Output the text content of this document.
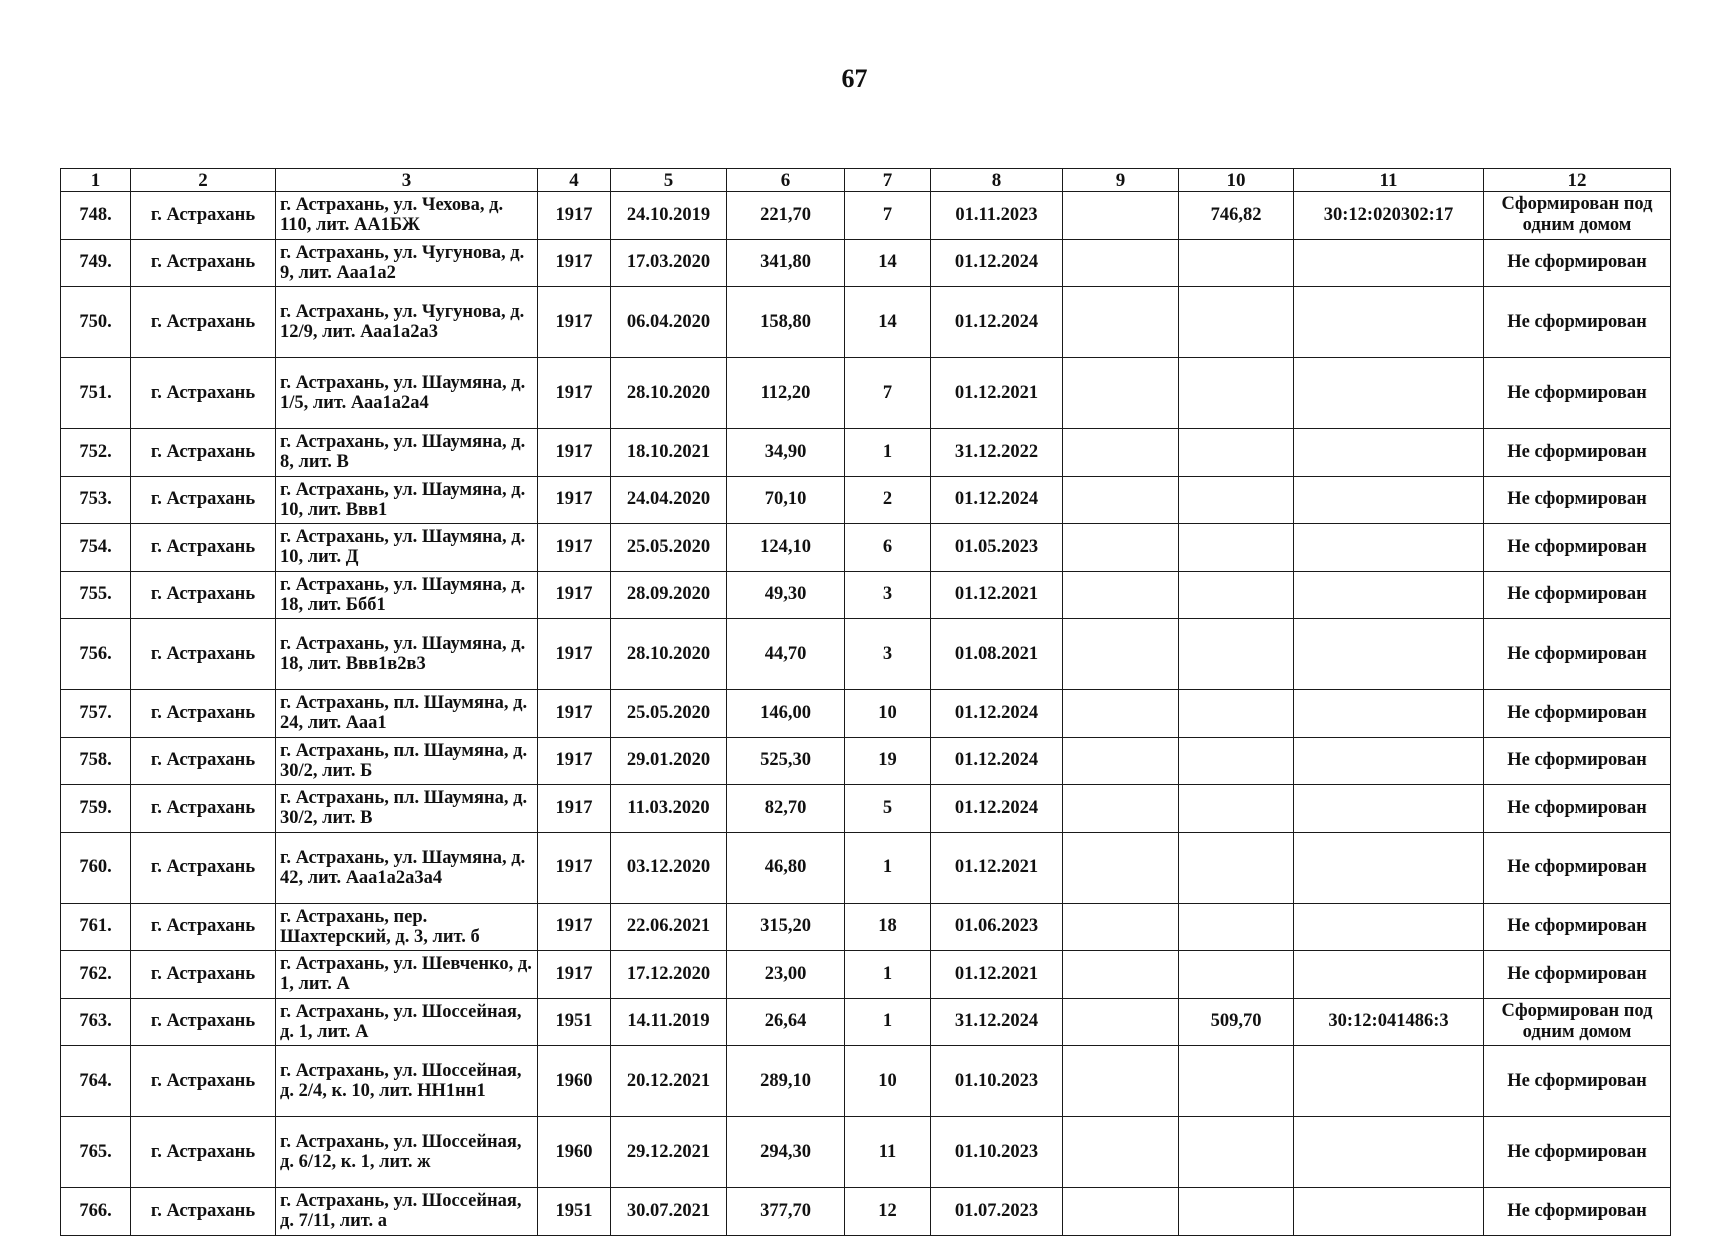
67
1	2	3	4	5	6	7	8	9	10	11	12
748.	г. Астрахань	г. Астрахань, ул. Чехова, д. 110, лит. АА1БЖ	1917	24.10.2019	221,70	7	01.11.2023		746,82	30:12:020302:17	Сформирован под одним домом
749.	г. Астрахань	г. Астрахань, ул. Чугунова, д. 9, лит. Ааа1а2	1917	17.03.2020	341,80	14	01.12.2024				Не сформирован
750.	г. Астрахань	г. Астрахань, ул. Чугунова, д. 12/9, лит. Ааа1а2а3	1917	06.04.2020	158,80	14	01.12.2024				Не сформирован
751.	г. Астрахань	г. Астрахань, ул. Шаумяна, д. 1/5, лит. Ааа1а2а4	1917	28.10.2020	112,20	7	01.12.2021				Не сформирован
752.	г. Астрахань	г. Астрахань, ул. Шаумяна, д. 8, лит. В	1917	18.10.2021	34,90	1	31.12.2022				Не сформирован
753.	г. Астрахань	г. Астрахань, ул. Шаумяна, д. 10, лит. Ввв1	1917	24.04.2020	70,10	2	01.12.2024				Не сформирован
754.	г. Астрахань	г. Астрахань, ул. Шаумяна, д. 10, лит. Д	1917	25.05.2020	124,10	6	01.05.2023				Не сформирован
755.	г. Астрахань	г. Астрахань, ул. Шаумяна, д. 18, лит. Ббб1	1917	28.09.2020	49,30	3	01.12.2021				Не сформирован
756.	г. Астрахань	г. Астрахань, ул. Шаумяна, д. 18, лит. Ввв1в2в3	1917	28.10.2020	44,70	3	01.08.2021				Не сформирован
757.	г. Астрахань	г. Астрахань, пл. Шаумяна, д. 24, лит. Ааа1	1917	25.05.2020	146,00	10	01.12.2024				Не сформирован
758.	г. Астрахань	г. Астрахань, пл. Шаумяна, д. 30/2, лит. Б	1917	29.01.2020	525,30	19	01.12.2024				Не сформирован
759.	г. Астрахань	г. Астрахань, пл. Шаумяна, д. 30/2, лит. В	1917	11.03.2020	82,70	5	01.12.2024				Не сформирован
760.	г. Астрахань	г. Астрахань, ул. Шаумяна, д. 42, лит. Ааа1а2а3а4	1917	03.12.2020	46,80	1	01.12.2021				Не сформирован
761.	г. Астрахань	г. Астрахань, пер. Шахтерский, д. 3, лит. б	1917	22.06.2021	315,20	18	01.06.2023				Не сформирован
762.	г. Астрахань	г. Астрахань, ул. Шевченко, д. 1, лит. А	1917	17.12.2020	23,00	1	01.12.2021				Не сформирован
763.	г. Астрахань	г. Астрахань, ул. Шоссейная, д. 1, лит. А	1951	14.11.2019	26,64	1	31.12.2024		509,70	30:12:041486:3	Сформирован под одним домом
764.	г. Астрахань	г. Астрахань, ул. Шоссейная, д. 2/4, к. 10, лит. НН1нн1	1960	20.12.2021	289,10	10	01.10.2023				Не сформирован
765.	г. Астрахань	г. Астрахань, ул. Шоссейная, д. 6/12, к. 1, лит. ж	1960	29.12.2021	294,30	11	01.10.2023				Не сформирован
766.	г. Астрахань	г. Астрахань, ул. Шоссейная, д. 7/11, лит. а	1951	30.07.2021	377,70	12	01.07.2023				Не сформирован
